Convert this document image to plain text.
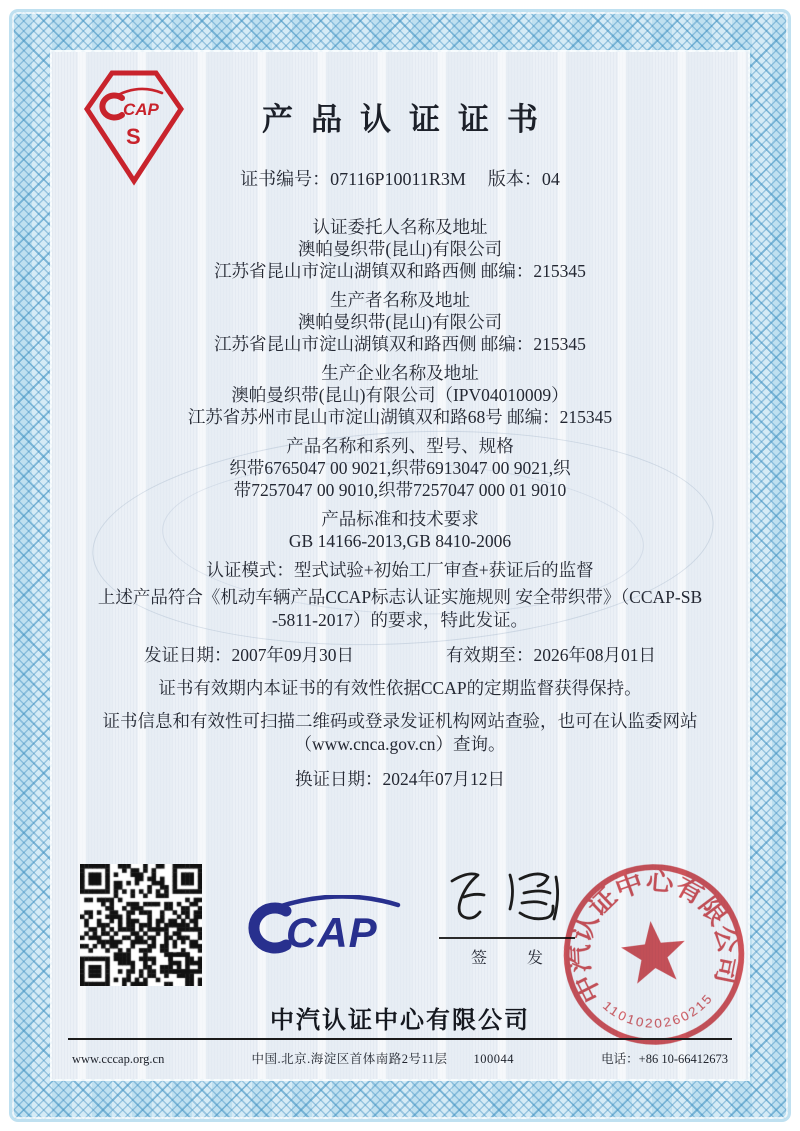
CAP
S	产品认证证书
证书编号：07116P10011R3M 版本：04
认证委托人名称及地址
澳帕曼织带(昆山)有限公司
江苏省昆山市淀山湖镇双和路西侧 邮编：215345
生产者名称及地址
澳帕曼织带(昆山)有限公司
江苏省昆山市淀山湖镇双和路西侧 邮编：215345
生产企业名称及地址
澳帕曼织带(昆山)有限公司（IPV04010009）
江苏省苏州市昆山市淀山湖镇双和路68号 邮编：215345
产品名称和系列、型号、规格
织带6765047 00 9021,织带6913047 00 9021,织
带7257047 00 9010,织带7257047 000 01 9010
产品标准和技术要求
GB 14166-2013,GB 8410-2006
认证模式：型式试验+初始工厂审查+获证后的监督
上述产品符合《机动车辆产品CCAP标志认证实施规则 安全带织带》（CCAP-SB
-5811-2017）的要求，特此发证。
发证日期：2007年09月30日	有效期至：2026年08月01日
证书有效期内本证书的有效性依据CCAP的定期监督获得保持。
证书信息和有效性可扫描二维码或登录发证机构网站查验，也可在认监委网站
（www.cnca.gov.cn）查询。
换证日期：2024年07月12日
CAP
签 发
中汽认证中心有限公司
1101020260215
中汽认证中心有限公司
www.cccap.org.cn	中国.北京.海淀区首体南路2号11层 100044	电话：+86 10-66412673
